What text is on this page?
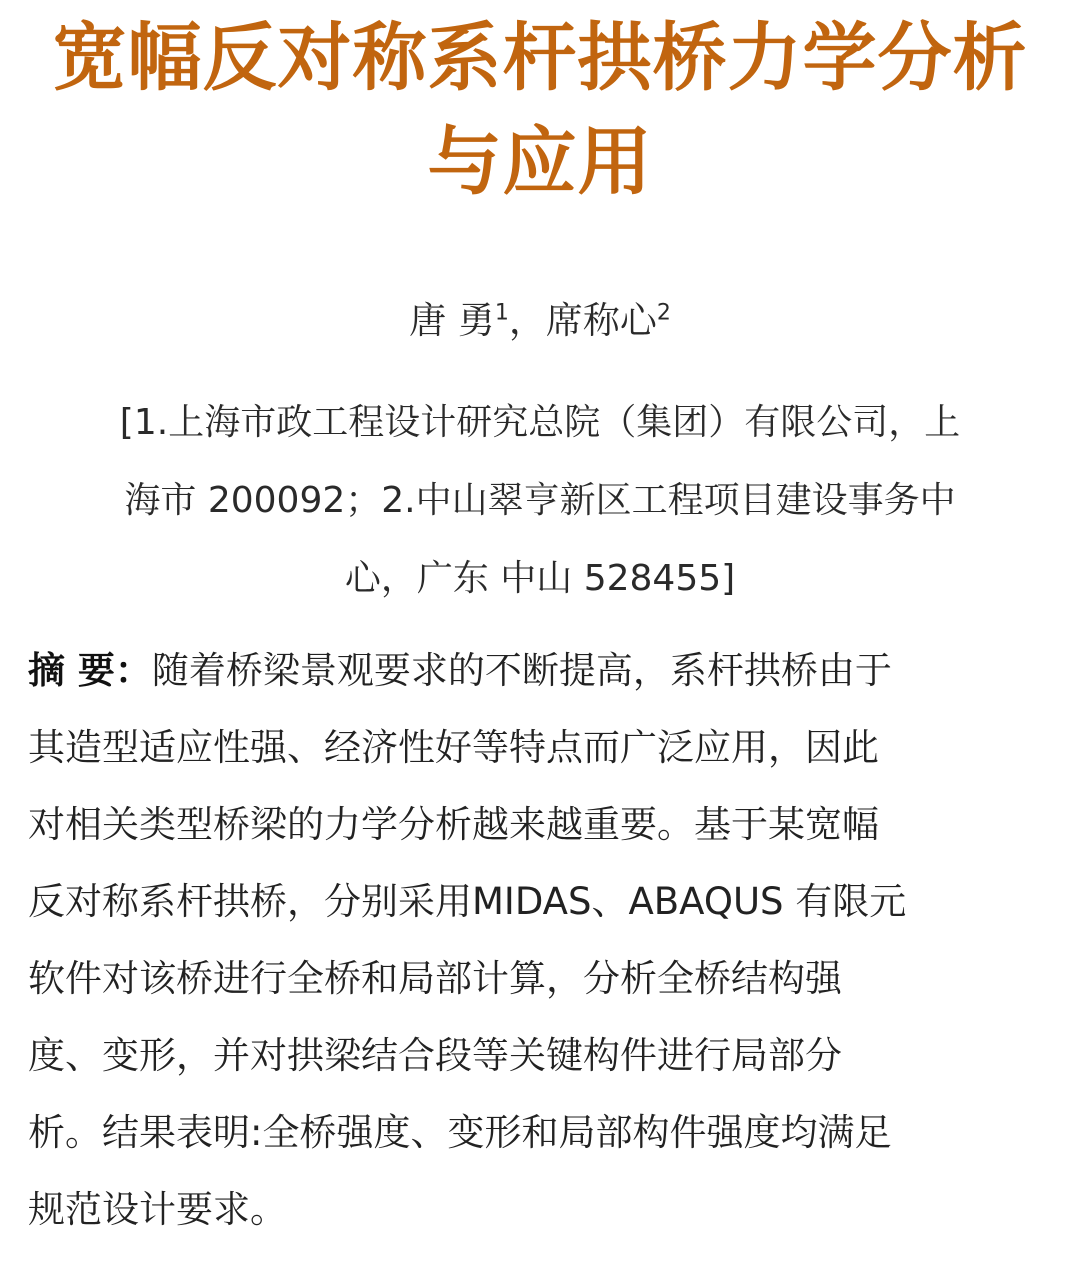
宽幅反对称系杆拱桥力学分析
与应用
唐 勇$^1$，席称心$^2$
[1.上海市政工程设计研究总院（集团）有限公司，上
海市 200092；2.中山翠亨新区工程项目建设事务中
心，广东 中山 528455]
摘 要：随着桥梁景观要求的不断提高，系杆拱桥由于
其造型适应性强、经济性好等特点而广泛应用，因此
对相关类型桥梁的力学分析越来越重要。基于某宽幅
反对称系杆拱桥，分别采用MIDAS、ABAQUS 有限元
软件对该桥进行全桥和局部计算，分析全桥结构强
度、变形，并对拱梁结合段等关键构件进行局部分
析。结果表明:全桥强度、变形和局部构件强度均满足
规范设计要求。
